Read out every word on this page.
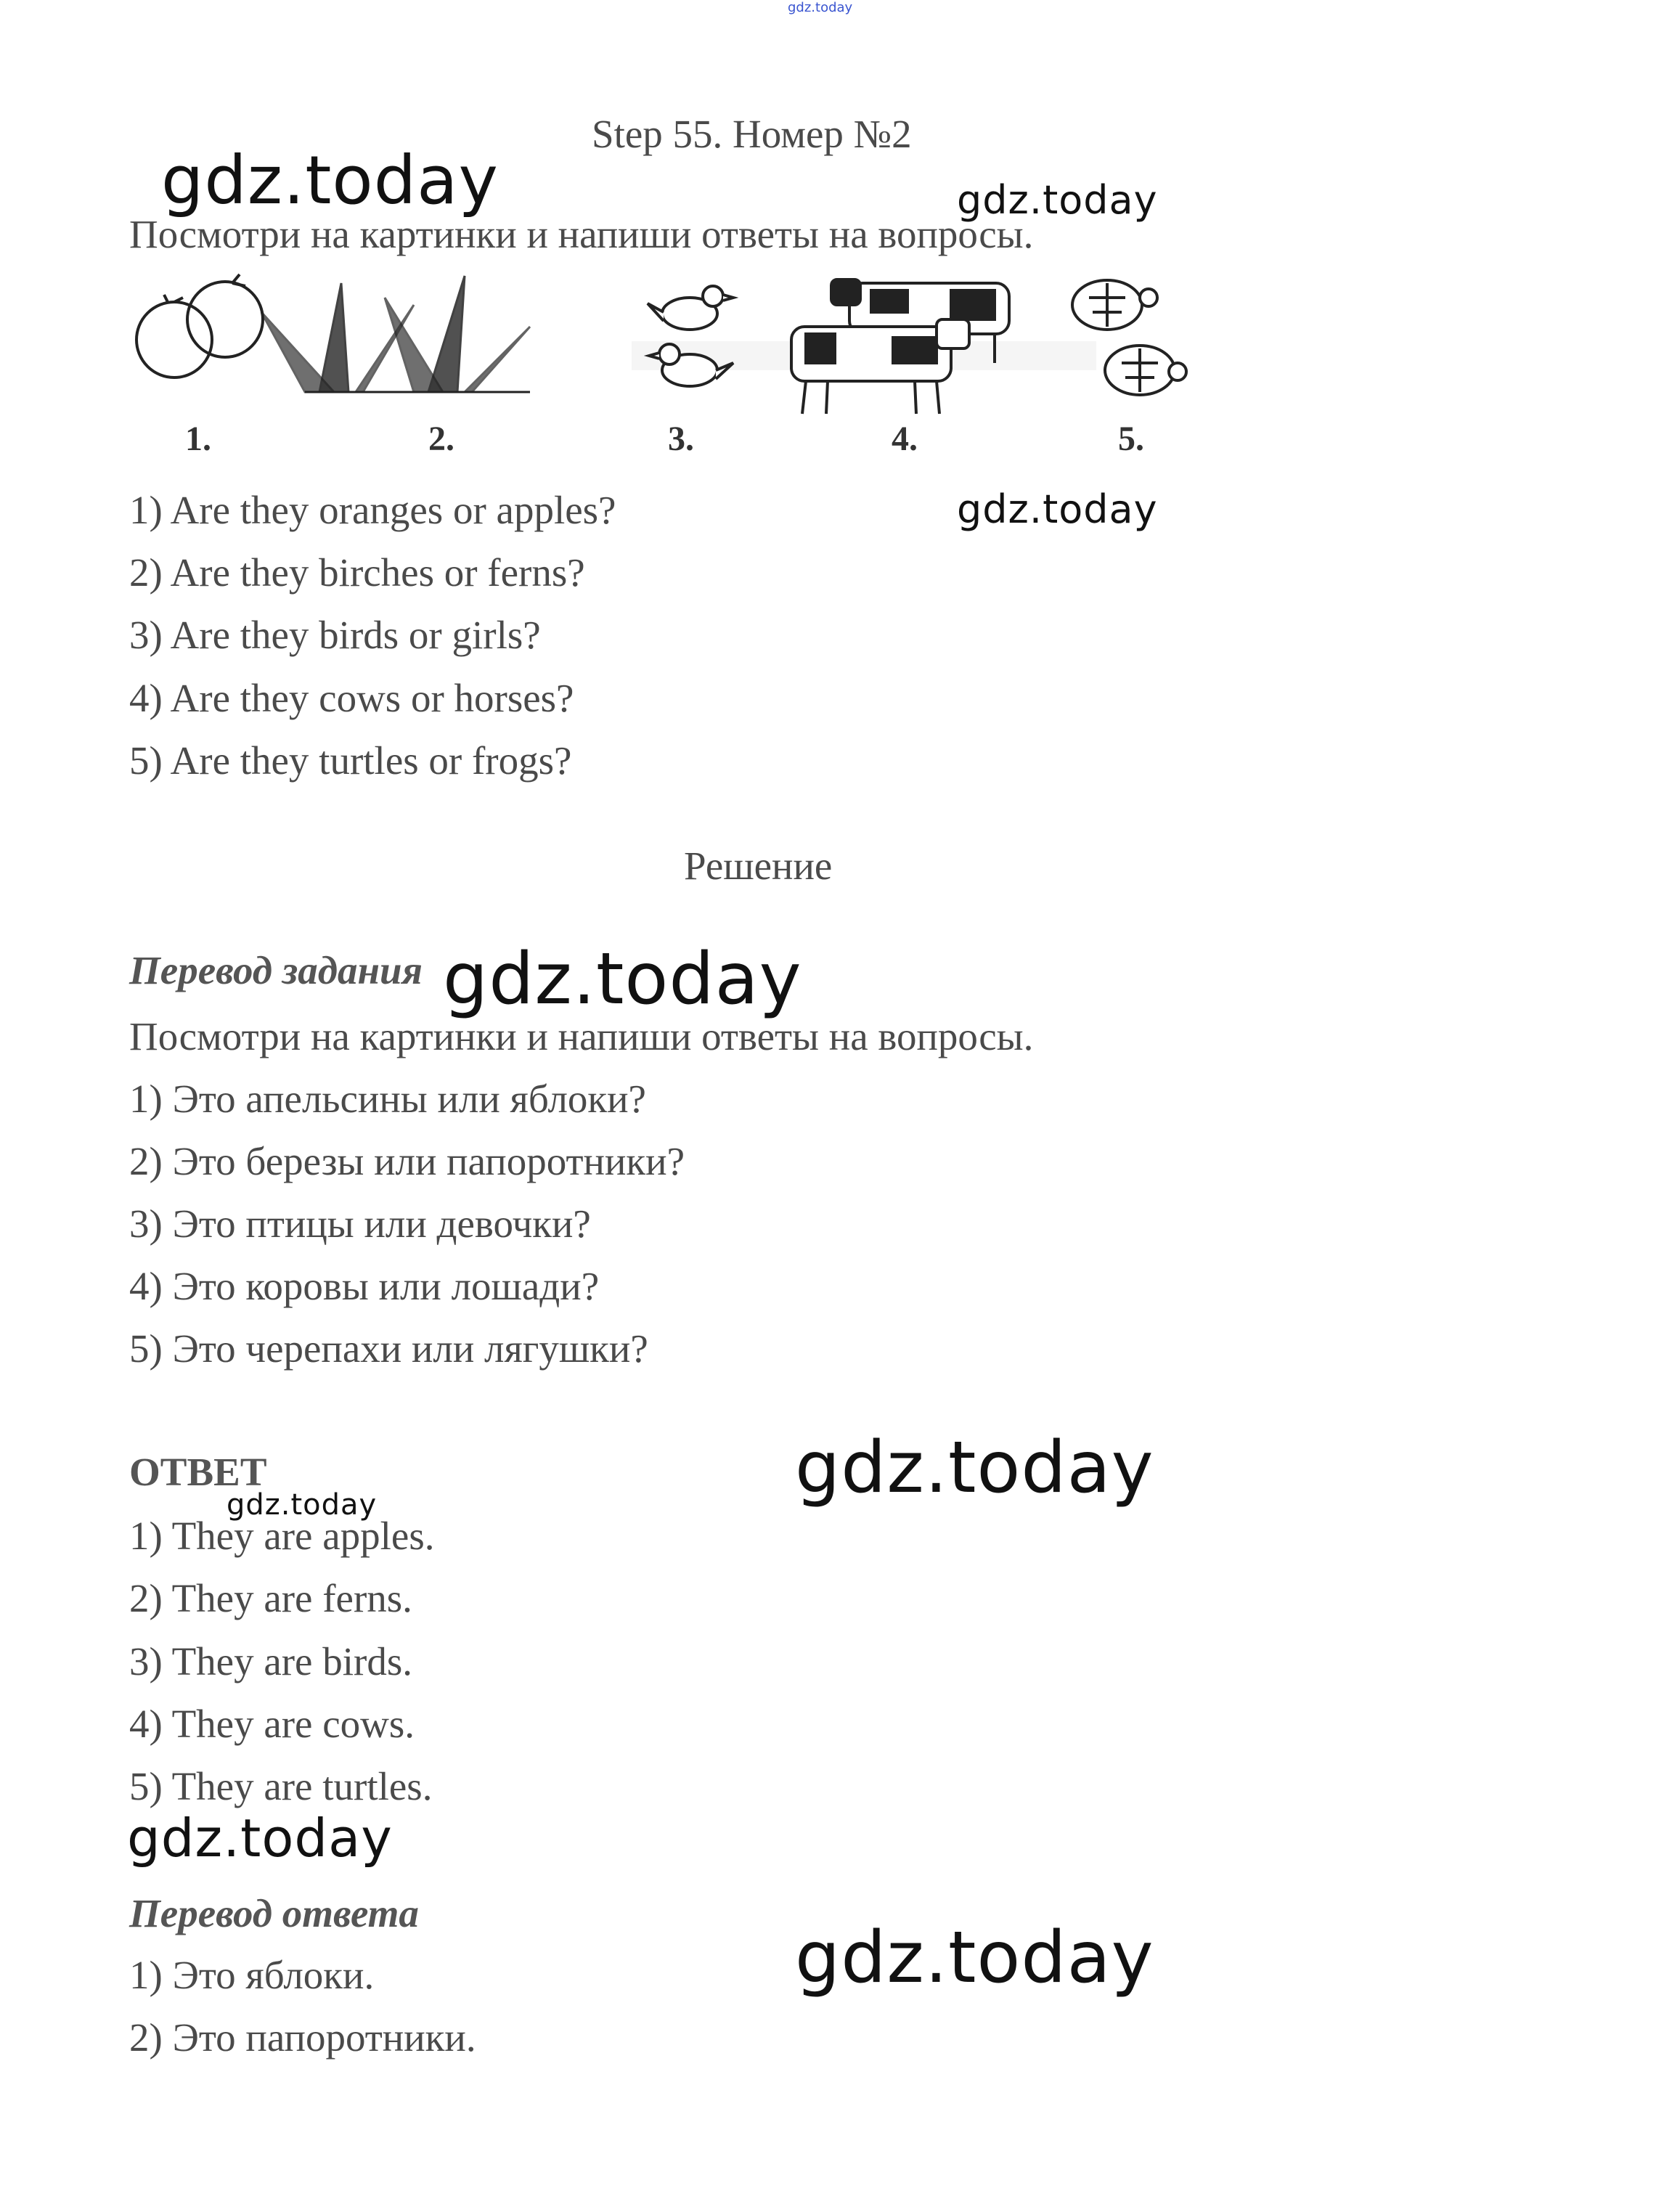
gdz.today
Step 55. Номер №2
Посмотри на картинки и напиши ответы на вопросы.
1.	2.	3.	4.	5.
1) Are they oranges or apples?
2) Are they birches or ferns?
3) Are they birds or girls?
4) Are they cows or horses?
5) Are they turtles or frogs?
Решение
Перевод задания
Посмотри на картинки и напиши ответы на вопросы.
1) Это апельсины или яблоки?
2) Это березы или папоротники?
3) Это птицы или девочки?
4) Это коровы или лошади?
5) Это черепахи или лягушки?
ОТВЕТ
1) They are apples.
2) They are ferns.
3) They are birds.
4) They are cows.
5) They are turtles.
Перевод ответа
1) Это яблоки.
2) Это папоротники.
gdz.today	gdz.today
gdz.today
gdz.today
gdz.today
gdz.today
gdz.today
gdz.today
